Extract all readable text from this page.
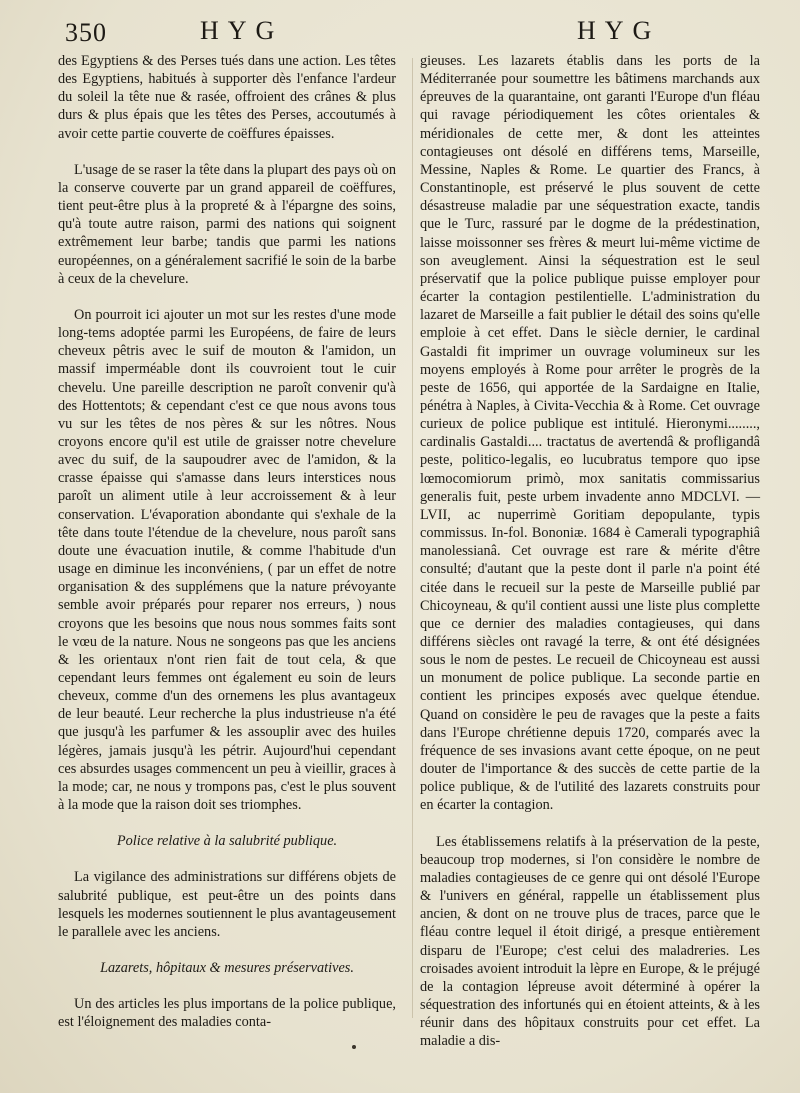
350	HYG	HYG

des Egyptiens & des Perses tués dans une action. Les têtes des Egyptiens, habitués à supporter dès l'enfance l'ardeur du soleil la tête nue & rasée, offroient des crânes & plus durs & plus épais que les têtes des Perses, accoutumés à avoir cette partie couverte de coëffures épaisses.

L'usage de se raser la tête dans la plupart des pays où on la conserve couverte par un grand appareil de coëffures, tient peut-être plus à la propreté & à l'épargne des soins, qu'à toute autre raison, parmi des nations qui soignent extrêmement leur barbe; tandis que parmi les nations européennes, on a généralement sacrifié le soin de la barbe à ceux de la chevelure.

On pourroit ici ajouter un mot sur les restes d'une mode long-tems adoptée parmi les Européens, de faire de leurs cheveux pêtris avec le suif de mouton & l'amidon, un massif imperméable dont ils couvroient tout le cuir chevelu. Une pareille description ne paroît convenir qu'à des Hottentots; & cependant c'est ce que nous avons tous vu sur les têtes de nos pères & sur les nôtres. Nous croyons encore qu'il est utile de graisser notre chevelure avec du suif, de la saupoudrer avec de l'amidon, & la crasse épaisse qui s'amasse dans leurs interstices nous paroît un aliment utile à leur accroissement & à leur conservation. L'évaporation abondante qui s'exhale de la tête dans toute l'étendue de la chevelure, nous paroît sans doute une évacuation inutile, & comme l'habitude d'un usage en diminue les inconvéniens, ( par un effet de notre organisation & des supplémens que la nature prévoyante semble avoir préparés pour reparer nos erreurs, ) nous croyons que les besoins que nous nous sommes faits sont le vœu de la nature. Nous ne songeons pas que les anciens & les orientaux n'ont rien fait de tout cela, & que cependant leurs femmes ont également eu soin de leurs cheveux, comme d'un des ornemens les plus avantageux de leur beauté. Leur recherche la plus industrieuse n'a été que jusqu'à les parfumer & les assouplir avec des huiles légères, jamais jusqu'à les pétrir. Aujourd'hui cependant ces absurdes usages commencent un peu à vieillir, graces à la mode; car, ne nous y trompons pas, c'est le plus souvent à la mode que la raison doit ses triomphes.

Police relative à la salubrité publique.

La vigilance des administrations sur différens objets de salubrité publique, est peut-être un des points dans lesquels les modernes soutiennent le plus avantageusement le parallele avec les anciens.

Lazarets, hôpitaux & mesures préservatives.

Un des articles les plus importans de la police publique, est l'éloignement des maladies conta-

gieuses. Les lazarets établis dans les ports de la Méditerranée pour soumettre les bâtimens marchands aux épreuves de la quarantaine, ont garanti l'Europe d'un fléau qui ravage périodiquement les côtes orientales & méridionales de cette mer, & dont les atteintes contagieuses ont désolé en différens tems, Marseille, Messine, Naples & Rome. Le quartier des Francs, à Constantinople, est préservé le plus souvent de cette désastreuse maladie par une séquestration exacte, tandis que le Turc, rassuré par le dogme de la prédestination, laisse moissonner ses frères & meurt lui-même victime de son aveuglement. Ainsi la séquestration est le seul préservatif que la police publique puisse employer pour écarter la contagion pestilentielle. L'administration du lazaret de Marseille a fait publier le détail des soins qu'elle emploie à cet effet. Dans le siècle dernier, le cardinal Gastaldi fit imprimer un ouvrage volumineux sur les moyens employés à Rome pour arrêter le progrès de la peste de 1656, qui apportée de la Sardaigne en Italie, pénétra à Naples, à Civita-Vecchia & à Rome. Cet ouvrage curieux de police publique est intitulé. Hieronymi........, cardinalis Gastaldi.... tractatus de avertendâ & profligandâ peste, politico-legalis, eo lucubratus tempore quo ipse lœmocomiorum primò, mox sanitatis commissarius generalis fuit, peste urbem invadente anno MDCLVI. — LVII, ac nuperrimè Goritiam depopulante, typis commissus. In-fol. Bononiæ. 1684 è Camerali typographiâ manolessianâ. Cet ouvrage est rare & mérite d'être consulté; d'autant que la peste dont il parle n'a point été citée dans le recueil sur la peste de Marseille publié par Chicoyneau, & qu'il contient aussi une liste plus complette que ce dernier des maladies contagieuses, qui dans différens siècles ont ravagé la terre, & ont été désignées sous le nom de pestes. Le recueil de Chicoyneau est aussi un monument de police publique. La seconde partie en contient les principes exposés avec quelque étendue. Quand on considère le peu de ravages que la peste a faits dans l'Europe chrétienne depuis 1720, comparés avec la fréquence de ses invasions avant cette époque, on ne peut douter de l'importance & des succès de cette partie de la police publique, & de l'utilité des lazarets construits pour en écarter la contagion.

Les établissemens relatifs à la préservation de la peste, beaucoup trop modernes, si l'on considère le nombre de maladies contagieuses de ce genre qui ont désolé l'Europe & l'univers en général, rappelle un établissement plus ancien, & dont on ne trouve plus de traces, parce que le fléau contre lequel il étoit dirigé, a presque entièrement disparu de l'Europe; c'est celui des maladreries. Les croisades avoient introduit la lèpre en Europe, & le préjugé de la contagion lépreuse avoit déterminé à opérer la séquestration des infortunés qui en étoient atteints, & à les réunir dans des hôpitaux construits pour cet effet. La maladie a dis-
